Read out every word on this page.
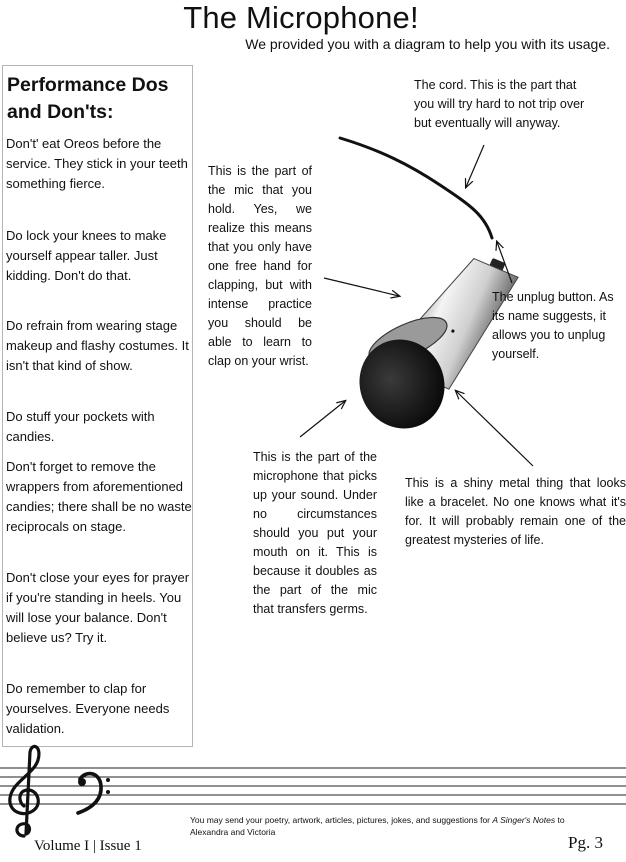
The Microphone!
We provided you with a diagram to help you with its usage.
Performance Dos
and Don'ts:
Don't' eat Oreos before the service. They stick in your teeth something fierce.
Do lock your knees to make yourself appear taller. Just kidding. Don't do that.
Do refrain from wearing stage makeup and flashy costumes. It isn't that kind of show.
Do stuff your pockets with candies.
Don't forget to remove the wrappers from aforementioned candies; there shall be no waste reciprocals on stage.
Don't close your eyes for prayer if you're standing in heels. You will lose your balance. Don't believe us? Try it.
Do remember to clap for yourselves. Everyone needs validation.
The cord. This is the part that you will try hard to not trip over but eventually will anyway.
This is the part of the mic that you hold. Yes, we realize this means that you only have one free hand for clapping, but with intense practice you should be able to learn to clap on your wrist.
The unplug button. As its name suggests, it allows you to unplug yourself.
This is the part of the microphone that picks up your sound. Under no circumstances should you put your mouth on it. This is because it doubles as the part of the mic that transfers germs.
This is a shiny metal thing that looks like a bracelet. No one knows what it's for. It will probably remain one of the greatest mysteries of life.
You may send your poetry, artwork, articles, pictures, jokes, and suggestions for A Singer's Notes to Alexandra and Victoria
Volume I | Issue 1	Pg. 3
